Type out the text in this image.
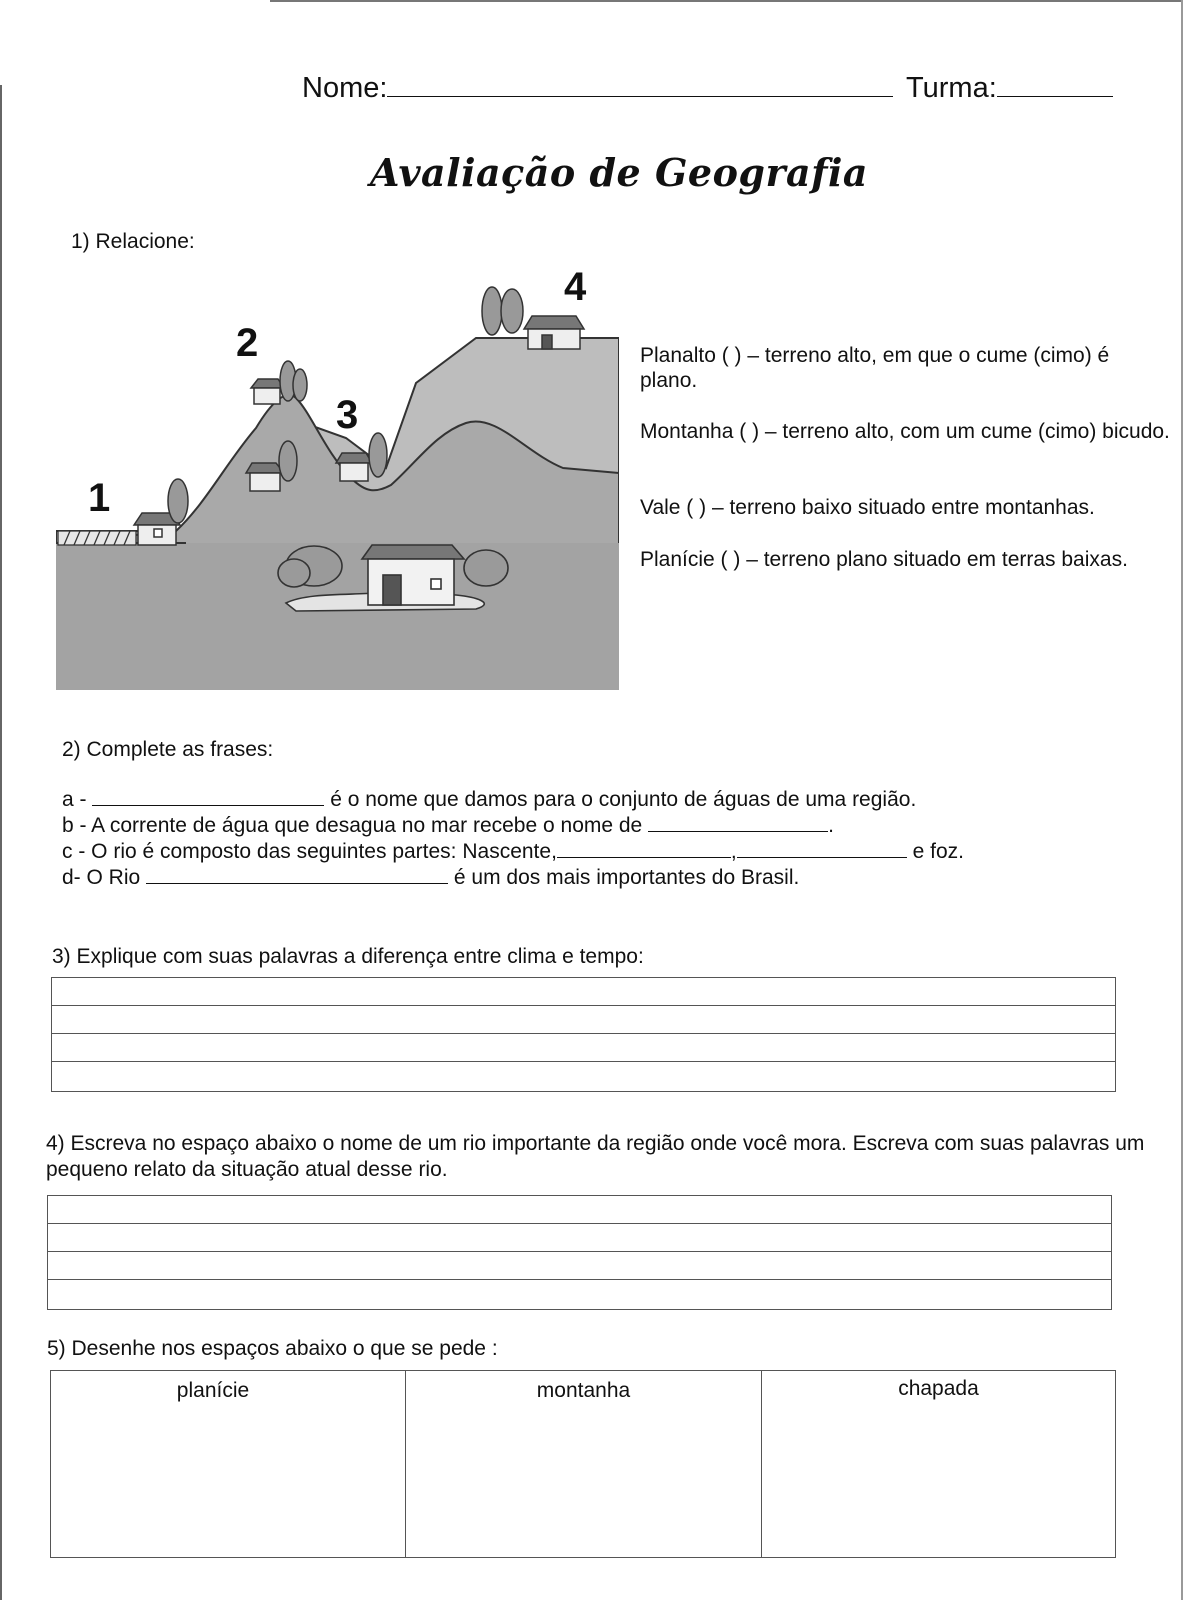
Nome:	Turma:
Avaliação de Geografia
1) Relacione:
1
2
3
4
Planalto ( ) – terreno alto, em que o cume (cimo) é plano.
Montanha ( ) – terreno alto, com um cume (cimo) bicudo.
Vale ( ) – terreno baixo situado entre montanhas.
Planície ( ) – terreno plano situado em terras baixas.
2) Complete as frases:
a -	é o nome que damos para o conjunto de águas de uma região.
b - A corrente de água que desagua no mar recebe o nome de	.
c - O rio é composto das seguintes partes: Nascente,	,	e foz.
d- O Rio	é um dos mais importantes do Brasil.
3) Explique com suas palavras a diferença entre clima e tempo:
4) Escreva no espaço abaixo o nome de um rio importante da região onde você mora. Escreva com suas palavras um pequeno relato da situação atual desse rio.
5) Desenhe nos espaços abaixo o que se pede :
planície	montanha	chapada
